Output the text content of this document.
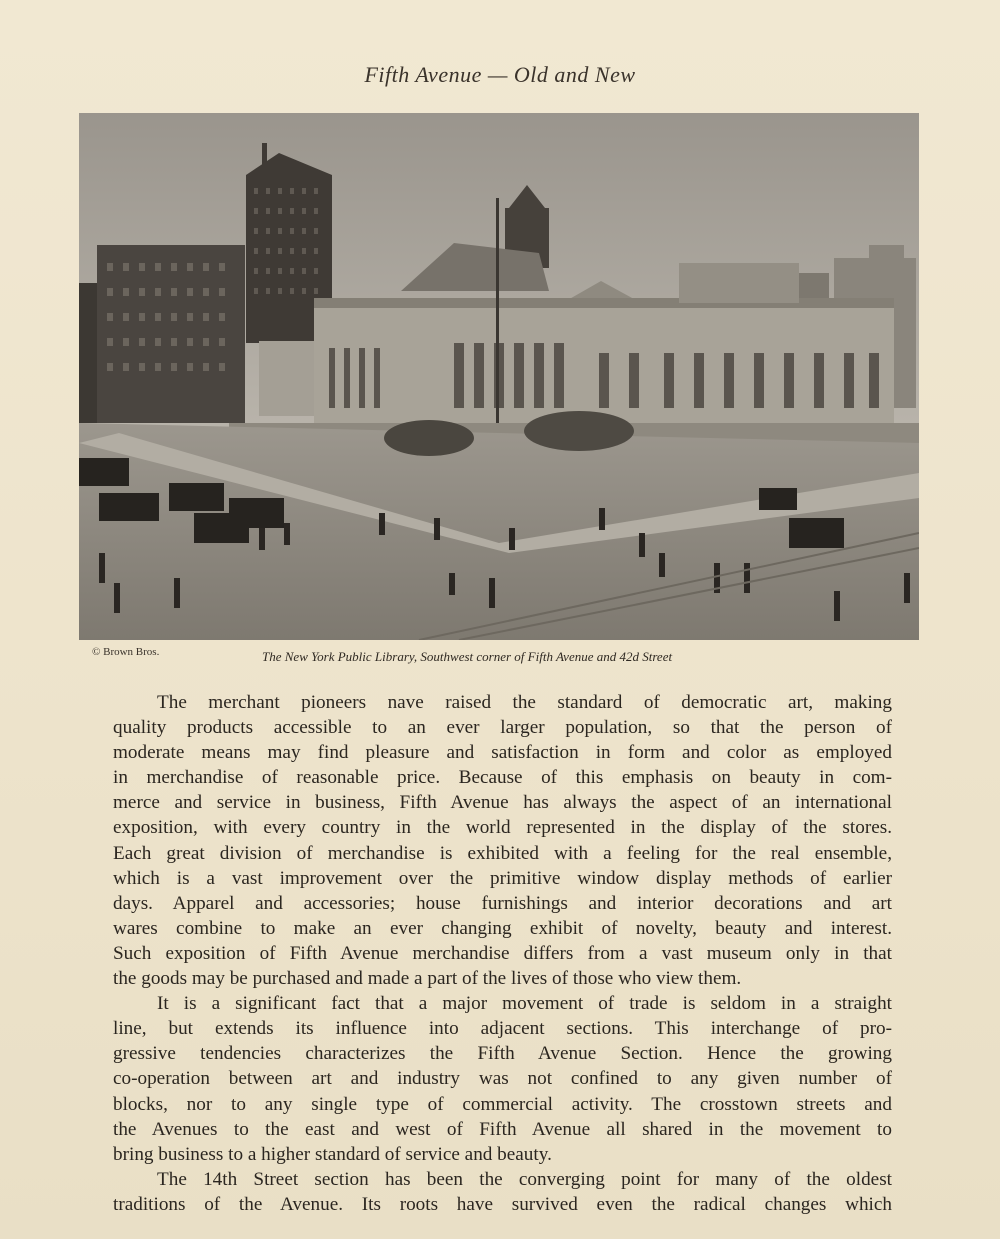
Fifth Avenue — Old and New
© Brown Bros.	The New York Public Library, Southwest corner of Fifth Avenue and 42d Street
The merchant pioneers nave raised the standard of democratic art, making
quality products accessible to an ever larger population, so that the person of
moderate means may find pleasure and satisfaction in form and color as employed
in merchandise of reasonable price. Because of this emphasis on beauty in com-
merce and service in business, Fifth Avenue has always the aspect of an international
exposition, with every country in the world represented in the display of the stores.
Each great division of merchandise is exhibited with a feeling for the real ensemble,
which is a vast improvement over the primitive window display methods of earlier
days. Apparel and accessories; house furnishings and interior decorations and art
wares combine to make an ever changing exhibit of novelty, beauty and interest.
Such exposition of Fifth Avenue merchandise differs from a vast museum only in that
the goods may be purchased and made a part of the lives of those who view them.
It is a significant fact that a major movement of trade is seldom in a straight
line, but extends its influence into adjacent sections. This interchange of pro-
gressive tendencies characterizes the Fifth Avenue Section. Hence the growing
co-operation between art and industry was not confined to any given number of
blocks, nor to any single type of commercial activity. The crosstown streets and
the Avenues to the east and west of Fifth Avenue all shared in the movement to
bring business to a higher standard of service and beauty.
The 14th Street section has been the converging point for many of the oldest
traditions of the Avenue. Its roots have survived even the radical changes which
